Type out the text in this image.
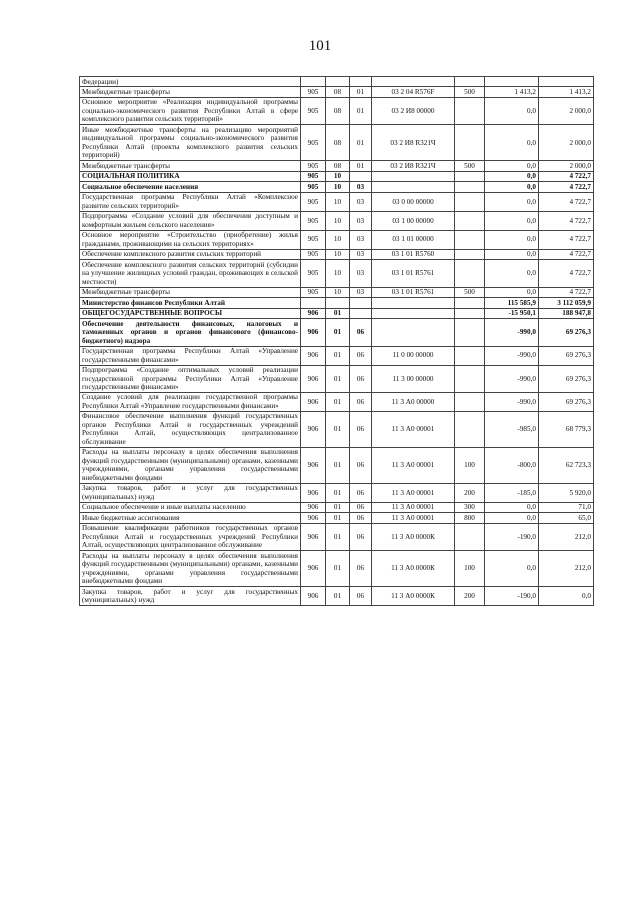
101
Федерации)							
Межбюджетные трансферты	905	08	01	03 2 04 R576F	500	1 413,2	1 413,2
Основное мероприятие «Реализация индивидуальной программы социально-экономического развития Республики Алтай в сфере комплексного развития сельских территорий»	905	08	01	03 2 И8 00000		0,0	2 000,0
Иные межбюджетные трансферты на реализацию мероприятий индивидуальной программы социально-экономического развития Республики Алтай (проекты комплексного развития сельских территорий)	905	08	01	03 2 И8 R321Ч		0,0	2 000,0
Межбюджетные трансферты	905	08	01	03 2 И8 R321Ч	500	0,0	2 000,0
СОЦИАЛЬНАЯ ПОЛИТИКА	905	10				0,0	4 722,7
Социальное обеспечение населения	905	10	03			0,0	4 722,7
Государственная программа Республики Алтай «Комплексное развитие сельских территорий»	905	10	03	03 0 00 00000		0,0	4 722,7
Подпрограмма «Создание условий для обеспечения доступным и комфортным жильем сельского населения»	905	10	03	03 1 00 00000		0,0	4 722,7
Основное мероприятие «Строительство (приобретение) жилья гражданами, проживающими на сельских территориях»	905	10	03	03 1 01 00000		0,0	4 722,7
Обеспечение комплексного развития сельских территорий	905	10	03	03 1 01 R5760		0,0	4 722,7
Обеспечение комплексного развития сельских территорий (субсидии на улучшение жилищных условий граждан, проживающих в сельской местности)	905	10	03	03 1 01 R5761		0,0	4 722,7
Межбюджетные трансферты	905	10	03	03 1 01 R5761	500	0,0	4 722,7
Министерство финансов Республики Алтай						115 585,9	3 112 059,9
ОБЩЕГОСУДАРСТВЕННЫЕ ВОПРОСЫ	906	01				-15 950,1	188 947,8
Обеспечение деятельности финансовых, налоговых и таможенных органов и органов финансового (финансово-бюджетного) надзора	906	01	06			-990,0	69 276,3
Государственная программа Республики Алтай «Управление государственными финансами»	906	01	06	11 0 00 00000		-990,0	69 276,3
Подпрограмма «Создание оптимальных условий реализации государственной программы Республики Алтай «Управление государственными финансами»	906	01	06	11 3 00 00000		-990,0	69 276,3
Создание условий для реализации государственной программы Республики Алтай «Управление государственными финансами»	906	01	06	11 3 А0 00000		-990,0	69 276,3
Финансовое обеспечение выполнения функций государственных органов Республики Алтай и государственных учреждений Республики Алтай, осуществляющих централизованное обслуживание	906	01	06	11 3 А0 00001		-985,0	68 779,3
Расходы на выплаты персоналу в целях обеспечения выполнения функций государственными (муниципальными) органами, казенными учреждениями, органами управления государственными внебюджетными фондами	906	01	06	11 3 А0 00001	100	-800,0	62 723,3
Закупка товаров, работ и услуг для государственных (муниципальных) нужд	906	01	06	11 3 А0 00001	200	-185,0	5 920,0
Социальное обеспечение и иные выплаты населению	906	01	06	11 3 А0 00001	300	0,0	71,0
Иные бюджетные ассигнования	906	01	06	11 3 А0 00001	800	0,0	65,0
Повышение квалификации работников государственных органов Республики Алтай и государственных учреждений Республики Алтай, осуществляющих централизованное обслуживание	906	01	06	11 3 А0 0000К		-190,0	212,0
Расходы на выплаты персоналу в целях обеспечения выполнения функций государственными (муниципальными) органами, казенными учреждениями, органами управления государственными внебюджетными фондами	906	01	06	11 3 А0 0000К	100	0,0	212,0
Закупка товаров, работ и услуг для государственных (муниципальных) нужд	906	01	06	11 3 А0 0000К	200	-190,0	0,0
